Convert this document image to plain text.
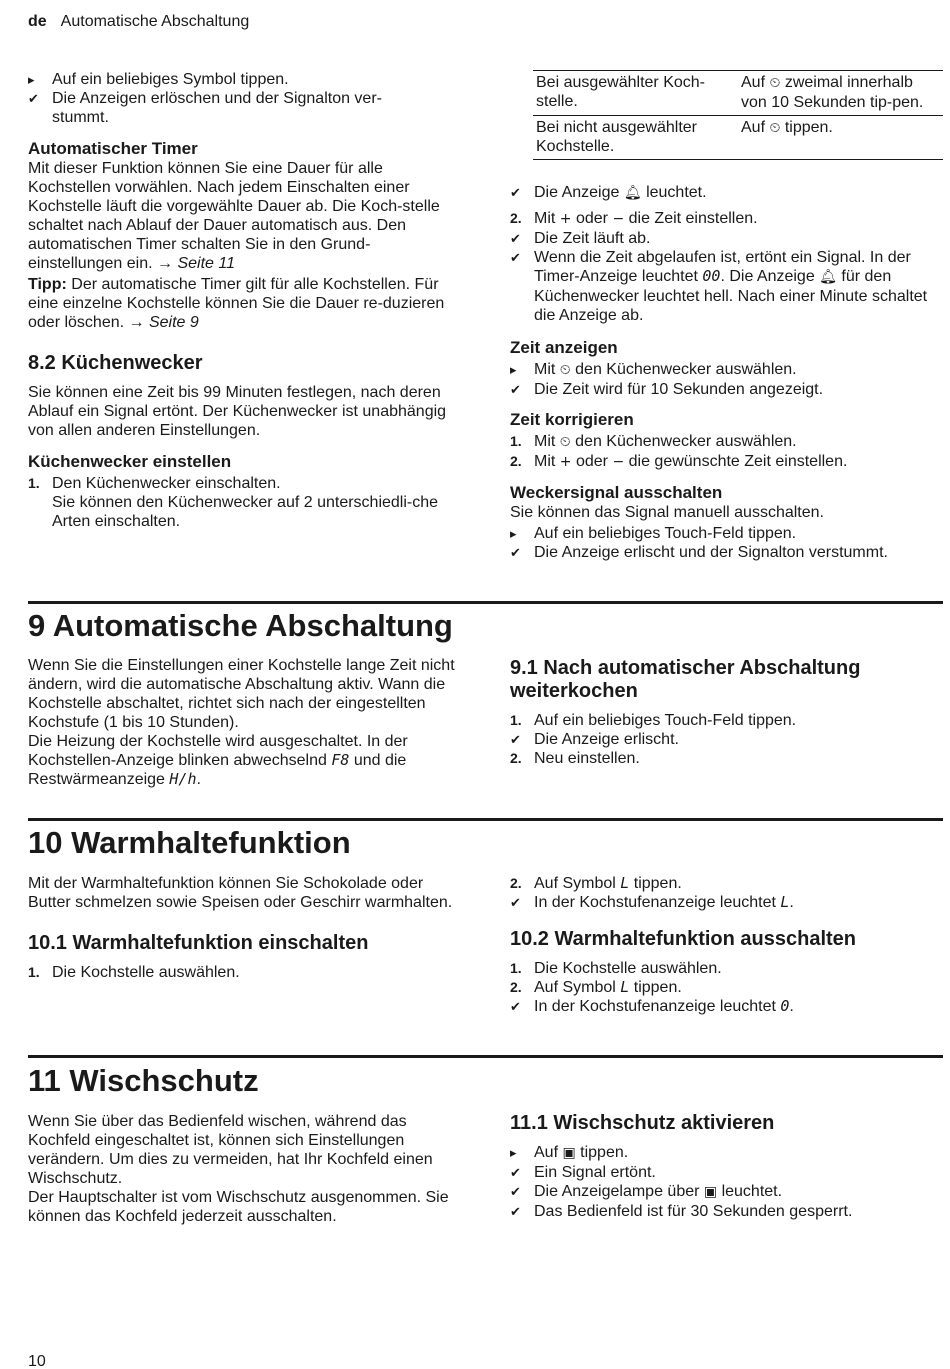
de Automatische Abschaltung
▸	Auf ein beliebiges Symbol tippen.
✔ Die Anzeigen erlöschen und der Signalton ver-
stummt.
Automatischer Timer

Mit dieser Funktion können Sie eine Dauer für alle Kochstellen vorwählen. Nach jedem Einschalten einer Kochstelle läuft die vorgewählte Dauer ab. Die Koch-stelle schaltet nach Ablauf der Dauer automatisch aus. Den automatischen Timer schalten Sie in den Grund-einstellungen ein. → Seite 11

Tipp: Der automatische Timer gilt für alle Kochstellen. Für eine einzelne Kochstelle können Sie die Dauer re-duzieren oder löschen. → Seite 9

8.2 Küchenwecker

Sie können eine Zeit bis 99 Minuten festlegen, nach deren Ablauf ein Signal ertönt. Der Küchenwecker ist unabhängig von allen anderen Einstellungen.

Küchenwecker einstellen
1. Den Küchenwecker einschalten.
Sie können den Küchenwecker auf 2 unterschiedli-che Arten einschalten.
Bei ausgewählter Koch-stelle.	Auf ⏲ zweimal innerhalb von 10 Sekunden tip-pen.
Bei nicht ausgewählter Kochstelle.	Auf ⏲ tippen.
✔ Die Anzeige 🔔︎ leuchtet.
2. Mit + oder − die Zeit einstellen.
✔ Die Zeit läuft ab.
✔ Wenn die Zeit abgelaufen ist, ertönt ein Signal. In der Timer-Anzeige leuchtet 00. Die Anzeige 🔔︎ für den Küchenwecker leuchtet hell. Nach einer Minute schaltet die Anzeige ab.
Zeit anzeigen
▸	Mit ⏲ den Küchenwecker auswählen.
✔ Die Zeit wird für 10 Sekunden angezeigt.
Zeit korrigieren
1. Mit ⏲ den Küchenwecker auswählen.
2. Mit + oder − die gewünschte Zeit einstellen.
Weckersignal ausschalten

Sie können das Signal manuell ausschalten.

▸	Auf ein beliebiges Touch-Feld tippen.
✔ Die Anzeige erlischt und der Signalton verstummt.
9 Automatische Abschaltung

Wenn Sie die Einstellungen einer Kochstelle lange Zeit nicht ändern, wird die automatische Abschaltung aktiv. Wann die Kochstelle abschaltet, richtet sich nach der eingestellten Kochstufe (1 bis 10 Stunden).

Die Heizung der Kochstelle wird ausgeschaltet. In der Kochstellen-Anzeige blinken abwechselnd F8 und die Restwärmeanzeige H/h.

9.1 Nach automatischer Abschaltung weiterkochen
1. Auf ein beliebiges Touch-Feld tippen.
✔ Die Anzeige erlischt.
2. Neu einstellen.
10 Warmhaltefunktion

Mit der Warmhaltefunktion können Sie Schokolade oder Butter schmelzen sowie Speisen oder Geschirr warmhalten.

10.1 Warmhaltefunktion einschalten
1. Die Kochstelle auswählen.
2. Auf Symbol L tippen.
✔ In der Kochstufenanzeige leuchtet L.
10.2 Warmhaltefunktion ausschalten
1. Die Kochstelle auswählen.
2. Auf Symbol L tippen.
✔ In der Kochstufenanzeige leuchtet 0.
11 Wischschutz

Wenn Sie über das Bedienfeld wischen, während das Kochfeld eingeschaltet ist, können sich Einstellungen verändern. Um dies zu vermeiden, hat Ihr Kochfeld einen Wischschutz.

Der Hauptschalter ist vom Wischschutz ausgenommen. Sie können das Kochfeld jederzeit ausschalten.

11.1 Wischschutz aktivieren
▸	Auf ▣ tippen.
✔ Ein Signal ertönt.
✔ Die Anzeigelampe über ▣ leuchtet.
✔ Das Bedienfeld ist für 30 Sekunden gesperrt.
10
